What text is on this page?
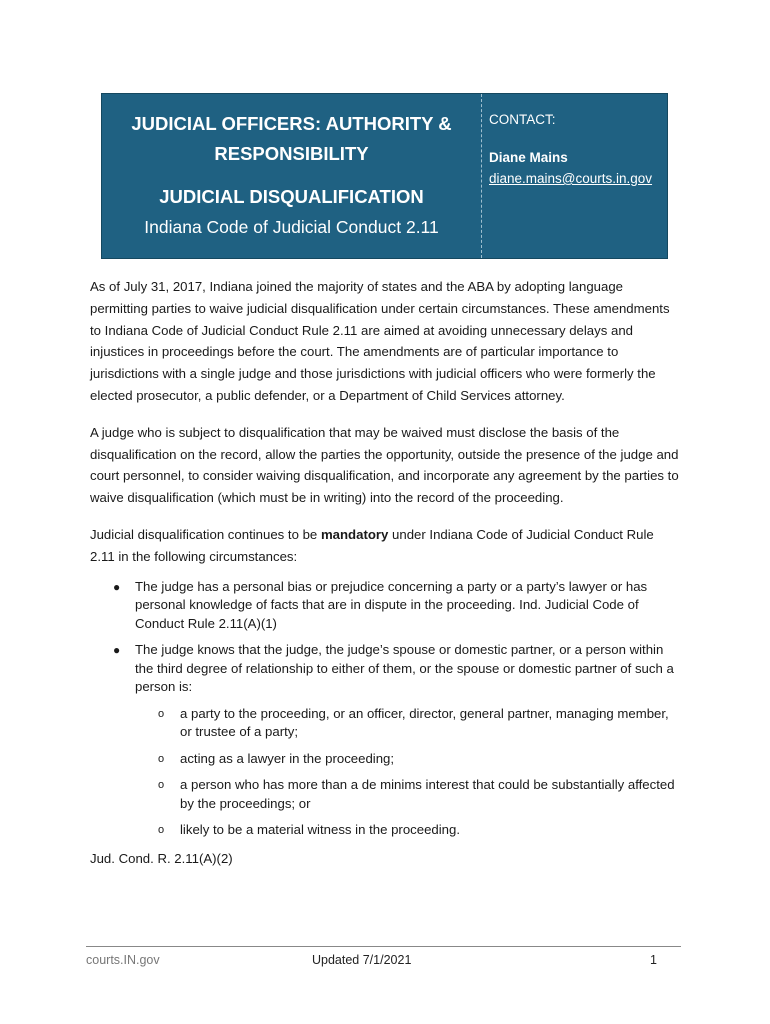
JUDICIAL OFFICERS: AUTHORITY &
RESPONSIBILITY
JUDICIAL DISQUALIFICATION
Indiana Code of Judicial Conduct 2.11
CONTACT:
Diane Mains
diane.mains@courts.in.gov

As of July 31, 2017, Indiana joined the majority of states and the ABA by adopting language permitting parties to waive judicial disqualification under certain circumstances. These amendments to Indiana Code of Judicial Conduct Rule 2.11 are aimed at avoiding unnecessary delays and injustices in proceedings before the court. The amendments are of particular importance to jurisdictions with a single judge and those jurisdictions with judicial officers who were formerly the elected prosecutor, a public defender, or a Department of Child Services attorney.

A judge who is subject to disqualification that may be waived must disclose the basis of the disqualification on the record, allow the parties the opportunity, outside the presence of the judge and court personnel, to consider waiving disqualification, and incorporate any agreement by the parties to waive disqualification (which must be in writing) into the record of the proceeding.

Judicial disqualification continues to be mandatory under Indiana Code of Judicial Conduct Rule 2.11 in the following circumstances:

● The judge has a personal bias or prejudice concerning a party or a party’s lawyer or has personal knowledge of facts that are in dispute in the proceeding. Ind. Judicial Code of Conduct Rule 2.11(A)(1)
● The judge knows that the judge, the judge’s spouse or domestic partner, or a person within the third degree of relationship to either of them, or the spouse or domestic partner of such a person is:
o a party to the proceeding, or an officer, director, general partner, managing member, or trustee of a party;
o acting as a lawyer in the proceeding;
o a person who has more than a de minims interest that could be substantially affected by the proceedings; or
o likely to be a material witness in the proceeding.
Jud. Cond. R. 2.11(A)(2)
courts.IN.gov	Updated 7/1/2021	1
